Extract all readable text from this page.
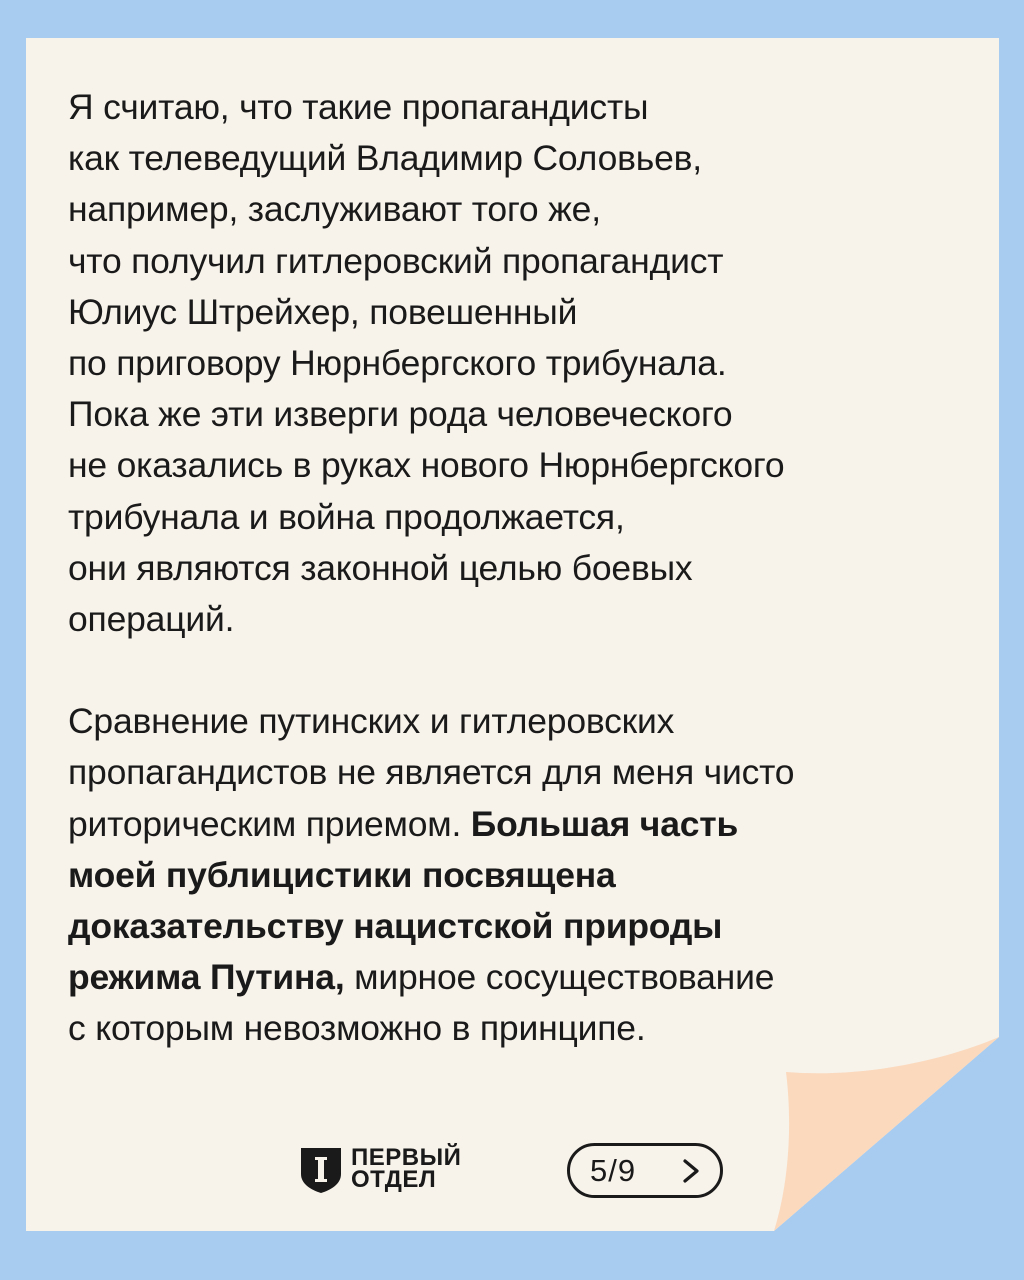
Я считаю, что такие пропагандисты
как телеведущий Владимир Соловьев,
например, заслуживают того же,
что получил гитлеровский пропагандист
Юлиус Штрейхер, повешенный
по приговору Нюрнбергского трибунала.
Пока же эти изверги рода человеческого
не оказались в руках нового Нюрнбергского
трибунала и война продолжается,
они являются законной целью боевых
операций.
Сравнение путинских и гитлеровских
пропагандистов не является для меня чисто
риторическим приемом. Большая часть
моей публицистики посвящена
доказательству нацистской природы
режима Путина, мирное сосуществование
с которым невозможно в принципе.
ПЕРВЫЙ
ОТДЕЛ	5/9
